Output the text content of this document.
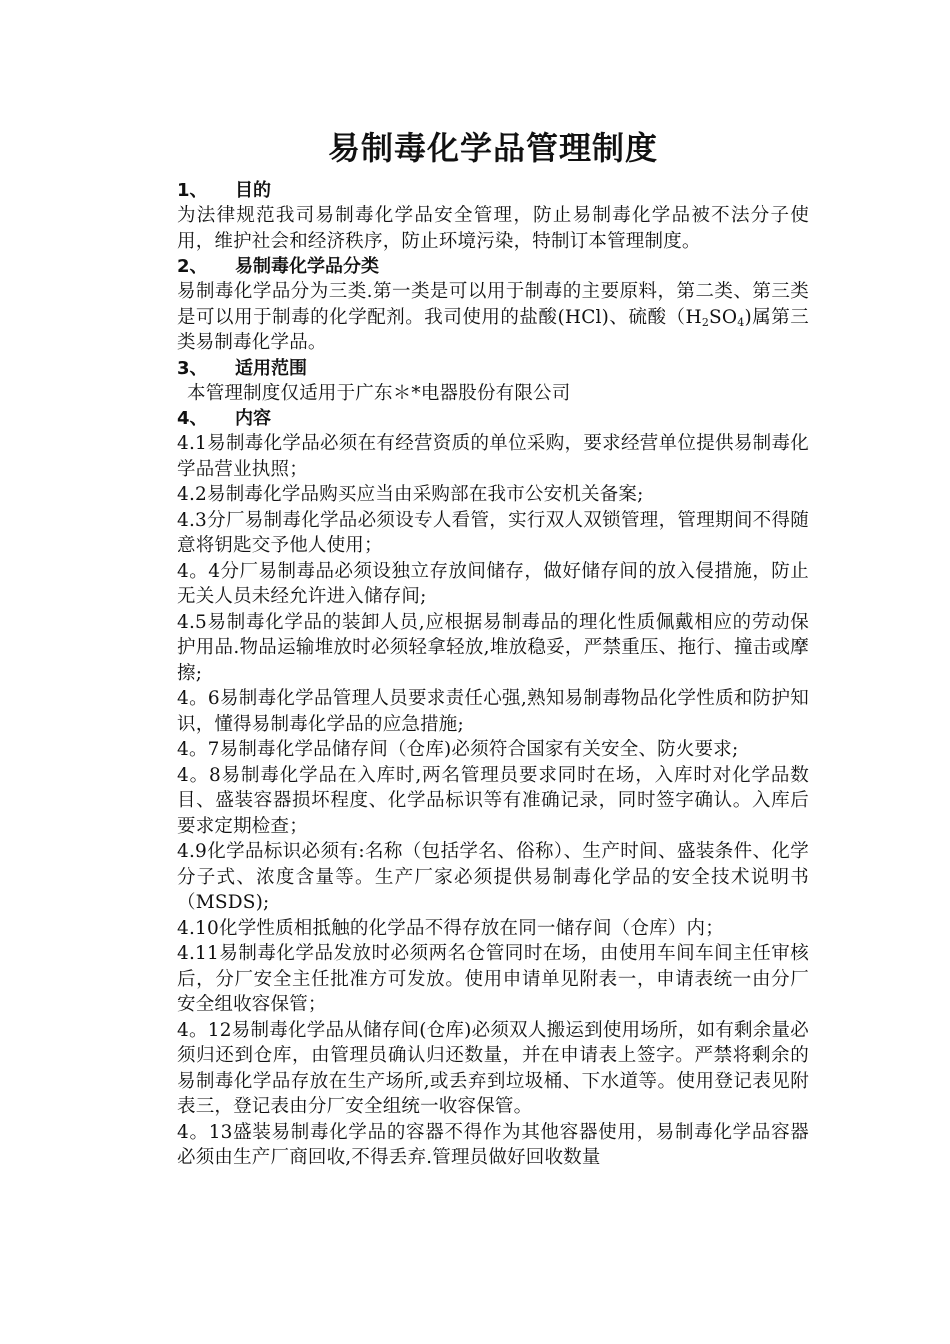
易制毒化学品管理制度
1、	目的

为法律规范我司易制毒化学品安全管理，防止易制毒化学品被不法分子使用，维护社会和经济秩序，防止环境污染，特制订本管理制度。

2、	易制毒化学品分类

易制毒化学品分为三类.第一类是可以用于制毒的主要原料，第二类、第三类是可以用于制毒的化学配剂。我司使用的盐酸(HCl)、硫酸$(H_2SO_4)$属第三类易制毒化学品。

3、	适用范围

本管理制度仅适用于广东＊*电器股份有限公司

4、	内容

4.1易制毒化学品必须在有经营资质的单位采购，要求经营单位提供易制毒化学品营业执照；

4.2易制毒化学品购买应当由采购部在我市公安机关备案;

4.3分厂易制毒化学品必须设专人看管，实行双人双锁管理，管理期间不得随意将钥匙交予他人使用；

4。4分厂易制毒品必须设独立存放间储存，做好储存间的放入侵措施，防止无关人员未经允许进入储存间;

4.5易制毒化学品的装卸人员,应根据易制毒品的理化性质佩戴相应的劳动保护用品.物品运输堆放时必须轻拿轻放,堆放稳妥，严禁重压、拖行、撞击或摩擦;

4。6易制毒化学品管理人员要求责任心强,熟知易制毒物品化学性质和防护知识，懂得易制毒化学品的应急措施;

4。7易制毒化学品储存间（仓库)必须符合国家有关安全、防火要求;

4。8易制毒化学品在入库时,两名管理员要求同时在场，入库时对化学品数目、盛装容器损坏程度、化学品标识等有准确记录，同时签字确认。入库后要求定期检查；

4.9化学品标识必须有:名称（包括学名、俗称）、生产时间、盛装条件、化学分子式、浓度含量等。生产厂家必须提供易制毒化学品的安全技术说明书（MSDS);

4.10化学性质相抵触的化学品不得存放在同一储存间（仓库）内；

4.11易制毒化学品发放时必须两名仓管同时在场，由使用车间车间主任审核后，分厂安全主任批准方可发放。使用申请单见附表一，申请表统一由分厂安全组收容保管；

4。12易制毒化学品从储存间(仓库)必须双人搬运到使用场所，如有剩余量必须归还到仓库，由管理员确认归还数量，并在申请表上签字。严禁将剩余的易制毒化学品存放在生产场所,或丢弃到垃圾桶、下水道等。使用登记表见附表三，登记表由分厂安全组统一收容保管。

4。13盛装易制毒化学品的容器不得作为其他容器使用，易制毒化学品容器必须由生产厂商回收,不得丢弃.管理员做好回收数量
